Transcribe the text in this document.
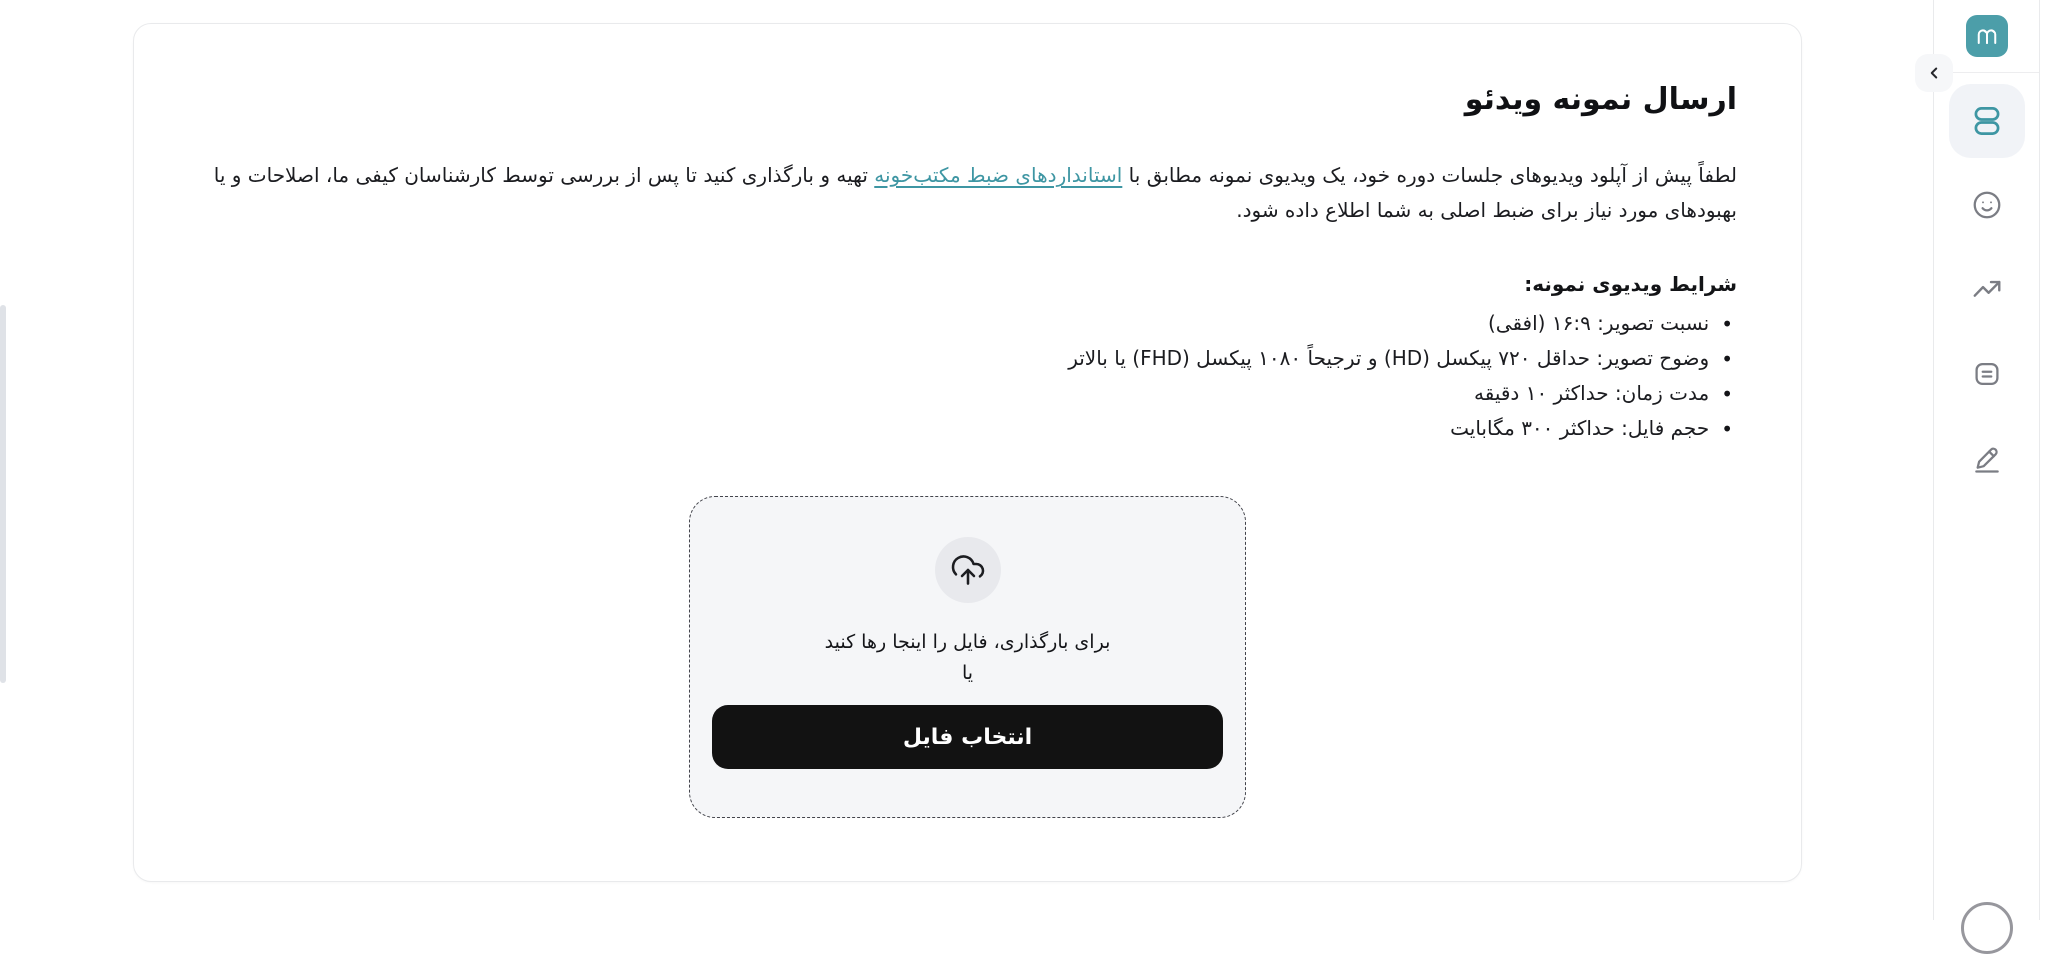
ارسال نمونه ویدئو

لطفاً پیش از آپلود ویدیوهای جلسات دوره خود، یک ویدیوی نمونه مطابق با استانداردهای ضبط مکتب‌خونه تهیه و بارگذاری کنید تا پس از بررسی توسط کارشناسان کیفی ما، اصلاحات و یا بهبودهای مورد نیاز برای ضبط اصلی به شما اطلاع داده شود.

شرایط ویدیوی نمونه:
• نسبت تصویر: ۱۶:۹ (افقی)
• وضوح تصویر: حداقل ۷۲۰ پیکسل (HD) و ترجیحاً ۱۰۸۰ پیکسل (FHD) یا بالاتر
• مدت زمان: حداکثر ۱۰ دقیقه
• حجم فایل: حداکثر ۳۰۰ مگابایت
برای بارگذاری، فایل را اینجا رها کنید
یا
انتخاب فایل
